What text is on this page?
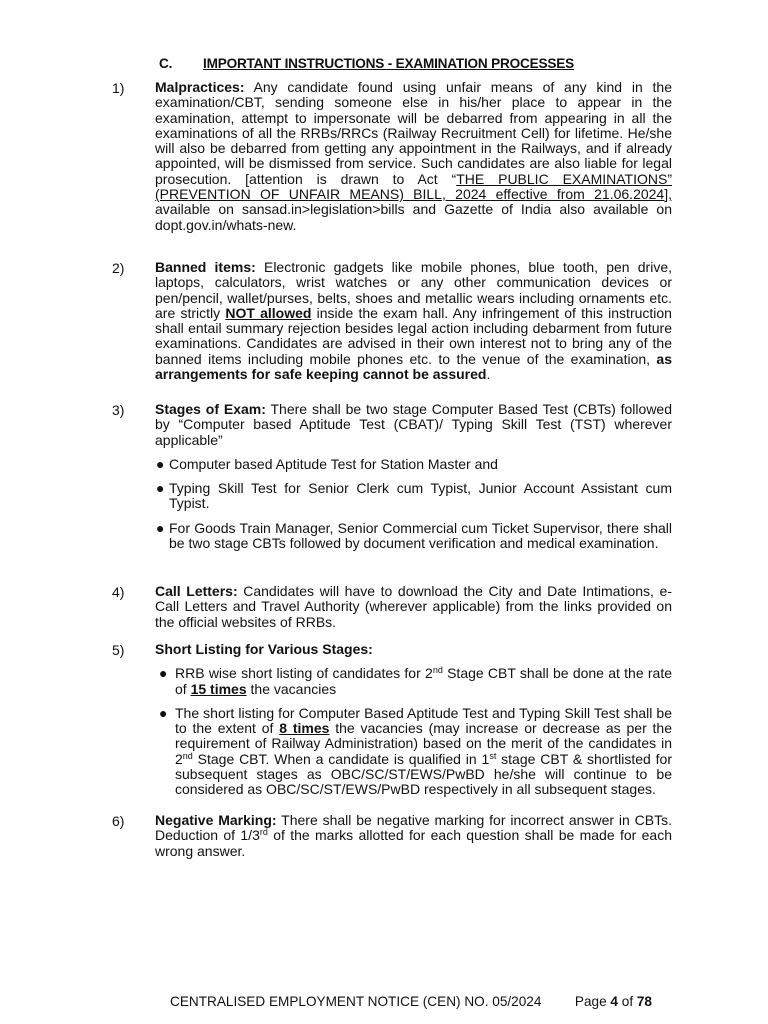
C. IMPORTANT INSTRUCTIONS - EXAMINATION PROCESSES
1) Malpractices: Any candidate found using unfair means of any kind in the examination/CBT, sending someone else in his/her place to appear in the examination, attempt to impersonate will be debarred from appearing in all the examinations of all the RRBs/RRCs (Railway Recruitment Cell) for lifetime. He/she will also be debarred from getting any appointment in the Railways, and if already appointed, will be dismissed from service. Such candidates are also liable for legal prosecution. [attention is drawn to Act “THE PUBLIC EXAMINATIONS” (PREVENTION OF UNFAIR MEANS) BILL, 2024 effective from 21.06.2024], available on sansad.in>legislation>bills and Gazette of India also available on dopt.gov.in/whats-new.

2) Banned items: Electronic gadgets like mobile phones, blue tooth, pen drive, laptops, calculators, wrist watches or any other communication devices or pen/pencil, wallet/purses, belts, shoes and metallic wears including ornaments etc. are strictly NOT allowed inside the exam hall. Any infringement of this instruction shall entail summary rejection besides legal action including debarment from future examinations. Candidates are advised in their own interest not to bring any of the banned items including mobile phones etc. to the venue of the examination, as arrangements for safe keeping cannot be assured.

3) Stages of Exam: There shall be two stage Computer Based Test (CBTs) followed by “Computer based Aptitude Test (CBAT)/ Typing Skill Test (TST) wherever applicable”

● Computer based Aptitude Test for Station Master and
● Typing Skill Test for Senior Clerk cum Typist, Junior Account Assistant cum Typist.
● For Goods Train Manager, Senior Commercial cum Ticket Supervisor, there shall be two stage CBTs followed by document verification and medical examination.
4) Call Letters: Candidates will have to download the City and Date Intimations, e-Call Letters and Travel Authority (wherever applicable) from the links provided on the official websites of RRBs.

5) Short Listing for Various Stages:

● RRB wise short listing of candidates for 2nd Stage CBT shall be done at the rate of 15 times the vacancies
● The short listing for Computer Based Aptitude Test and Typing Skill Test shall be to the extent of 8 times the vacancies (may increase or decrease as per the requirement of Railway Administration) based on the merit of the candidates in 2nd Stage CBT. When a candidate is qualified in 1st stage CBT & shortlisted for subsequent stages as OBC/SC/ST/EWS/PwBD he/she will continue to be considered as OBC/SC/ST/EWS/PwBD respectively in all subsequent stages.
6) Negative Marking: There shall be negative marking for incorrect answer in CBTs. Deduction of 1/3rd of the marks allotted for each question shall be made for each wrong answer.

CENTRALISED EMPLOYMENT NOTICE (CEN) NO. 05/2024 Page 4 of 78
